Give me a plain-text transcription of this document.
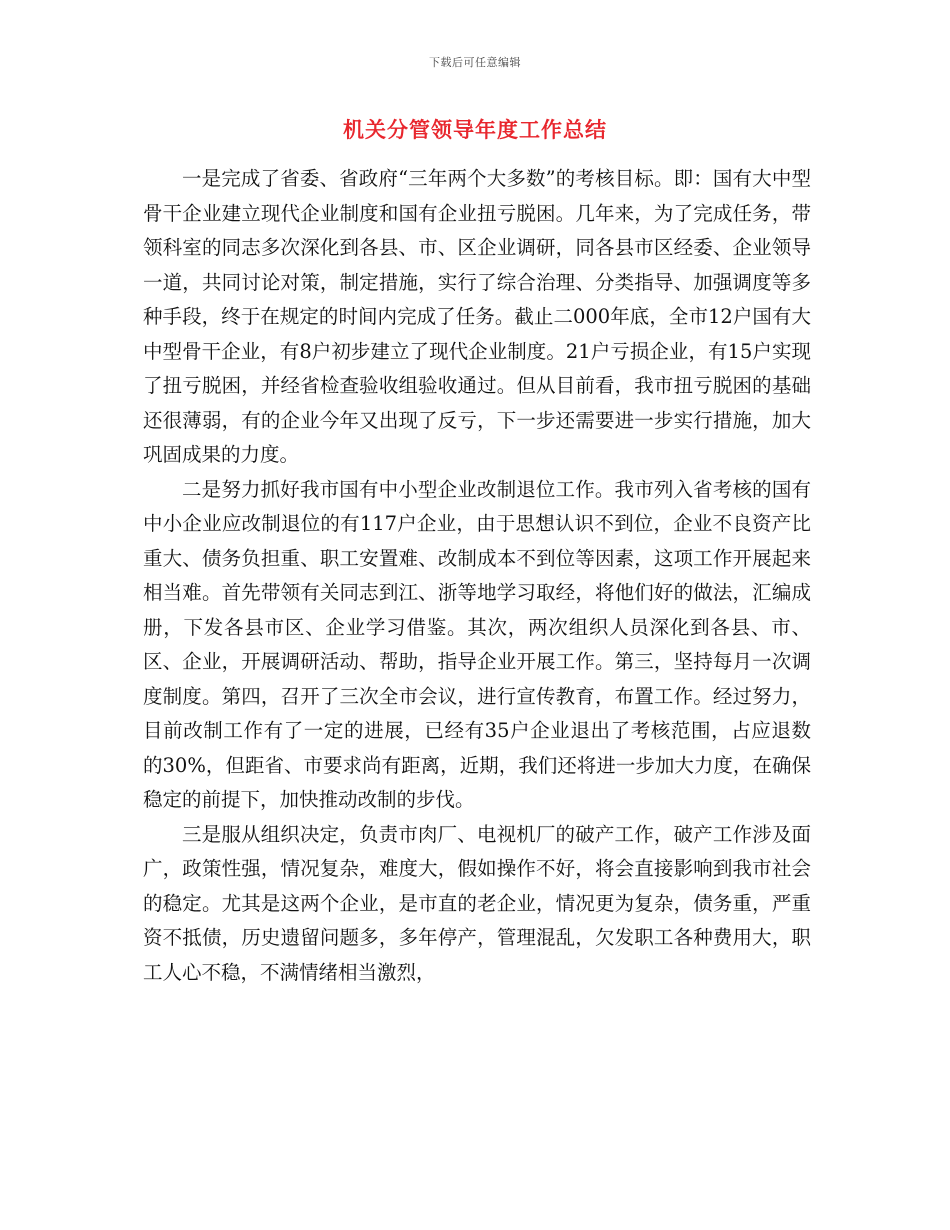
下载后可任意编辑
机关分管领导年度工作总结

一是完成了省委、省政府“三年两个大多数”的考核目标。即：国有大中型骨干企业建立现代企业制度和国有企业扭亏脱困。几年来，为了完成任务，带领科室的同志多次深化到各县、市、区企业调研，同各县市区经委、企业领导一道，共同讨论对策，制定措施，实行了综合治理、分类指导、加强调度等多种手段，终于在规定的时间内完成了任务。截止二000年底，全市12户国有大中型骨干企业，有8户初步建立了现代企业制度。21户亏损企业，有15户实现了扭亏脱困，并经省检查验收组验收通过。但从目前看，我市扭亏脱困的基础还很薄弱，有的企业今年又出现了反亏，下一步还需要进一步实行措施，加大巩固成果的力度。

二是努力抓好我市国有中小型企业改制退位工作。我市列入省考核的国有中小企业应改制退位的有117户企业，由于思想认识不到位，企业不良资产比重大、债务负担重、职工安置难、改制成本不到位等因素，这项工作开展起来相当难。首先带领有关同志到江、浙等地学习取经，将他们好的做法，汇编成册，下发各县市区、企业学习借鉴。其次，两次组织人员深化到各县、市、区、企业，开展调研活动、帮助，指导企业开展工作。第三，坚持每月一次调度制度。第四，召开了三次全市会议，进行宣传教育，布置工作。经过努力，目前改制工作有了一定的进展，已经有35户企业退出了考核范围，占应退数的30%，但距省、市要求尚有距离，近期，我们还将进一步加大力度，在确保稳定的前提下，加快推动改制的步伐。

三是服从组织决定，负责市肉厂、电视机厂的破产工作，破产工作涉及面广，政策性强，情况复杂，难度大，假如操作不好，将会直接影响到我市社会的稳定。尤其是这两个企业，是市直的老企业，情况更为复杂，债务重，严重资不抵债，历史遗留问题多，多年停产，管理混乱，欠发职工各种费用大，职工人心不稳，不满情绪相当激烈，
